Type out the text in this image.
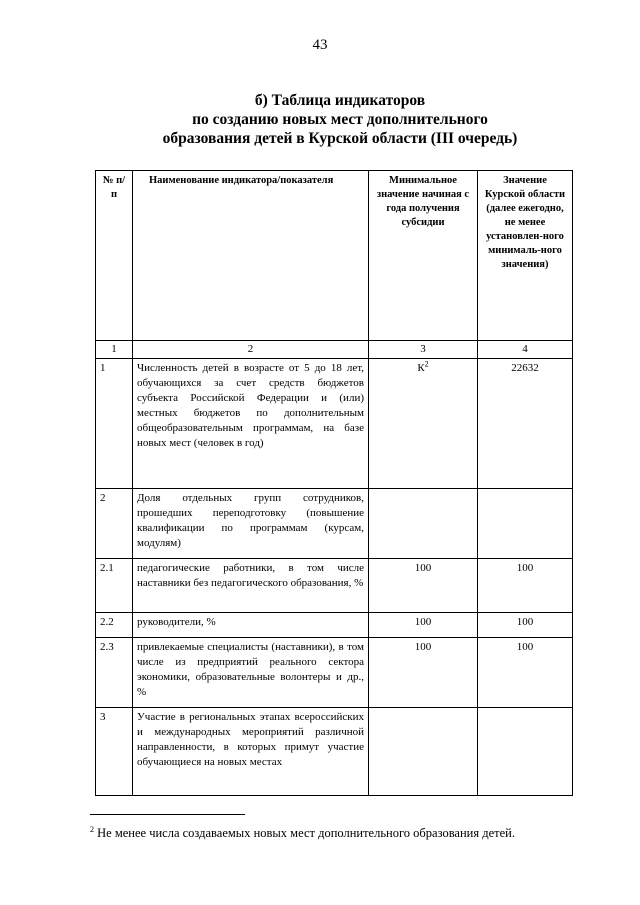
43
б) Таблица индикаторов
по созданию новых мест дополнительного
образования детей в Курской области (III очередь)
№ п/п	Наименование индикатора/показателя	Минимальное значение начиная с года получения субсидии	Значение Курской области (далее ежегодно, не менее установлен-ного минималь-ного значения)
1	2	3	4
1	Численность детей в возрасте от 5 до 18 лет, обучающихся за счет средств бюджетов субъекта Российской Федерации и (или) местных бюджетов по дополнительным общеобразовательным программам, на базе новых мест (человек в год)	$К^2$	22632
2	Доля отдельных групп сотрудников, прошедших переподготовку (повышение квалификации по программам (курсам, модулям)		
2.1	педагогические работники, в том числе наставники без педагогического образования, %	100	100
2.2	руководители, %	100	100
2.3	привлекаемые специалисты (наставники), в том числе из предприятий реального сектора экономики, образовательные волонтеры и др., %	100	100
3	Участие в региональных этапах всероссийских и международных мероприятий различной направленности, в которых примут участие обучающиеся на новых местах		
$^2$ Не менее числа создаваемых новых мест дополнительного образования детей.
